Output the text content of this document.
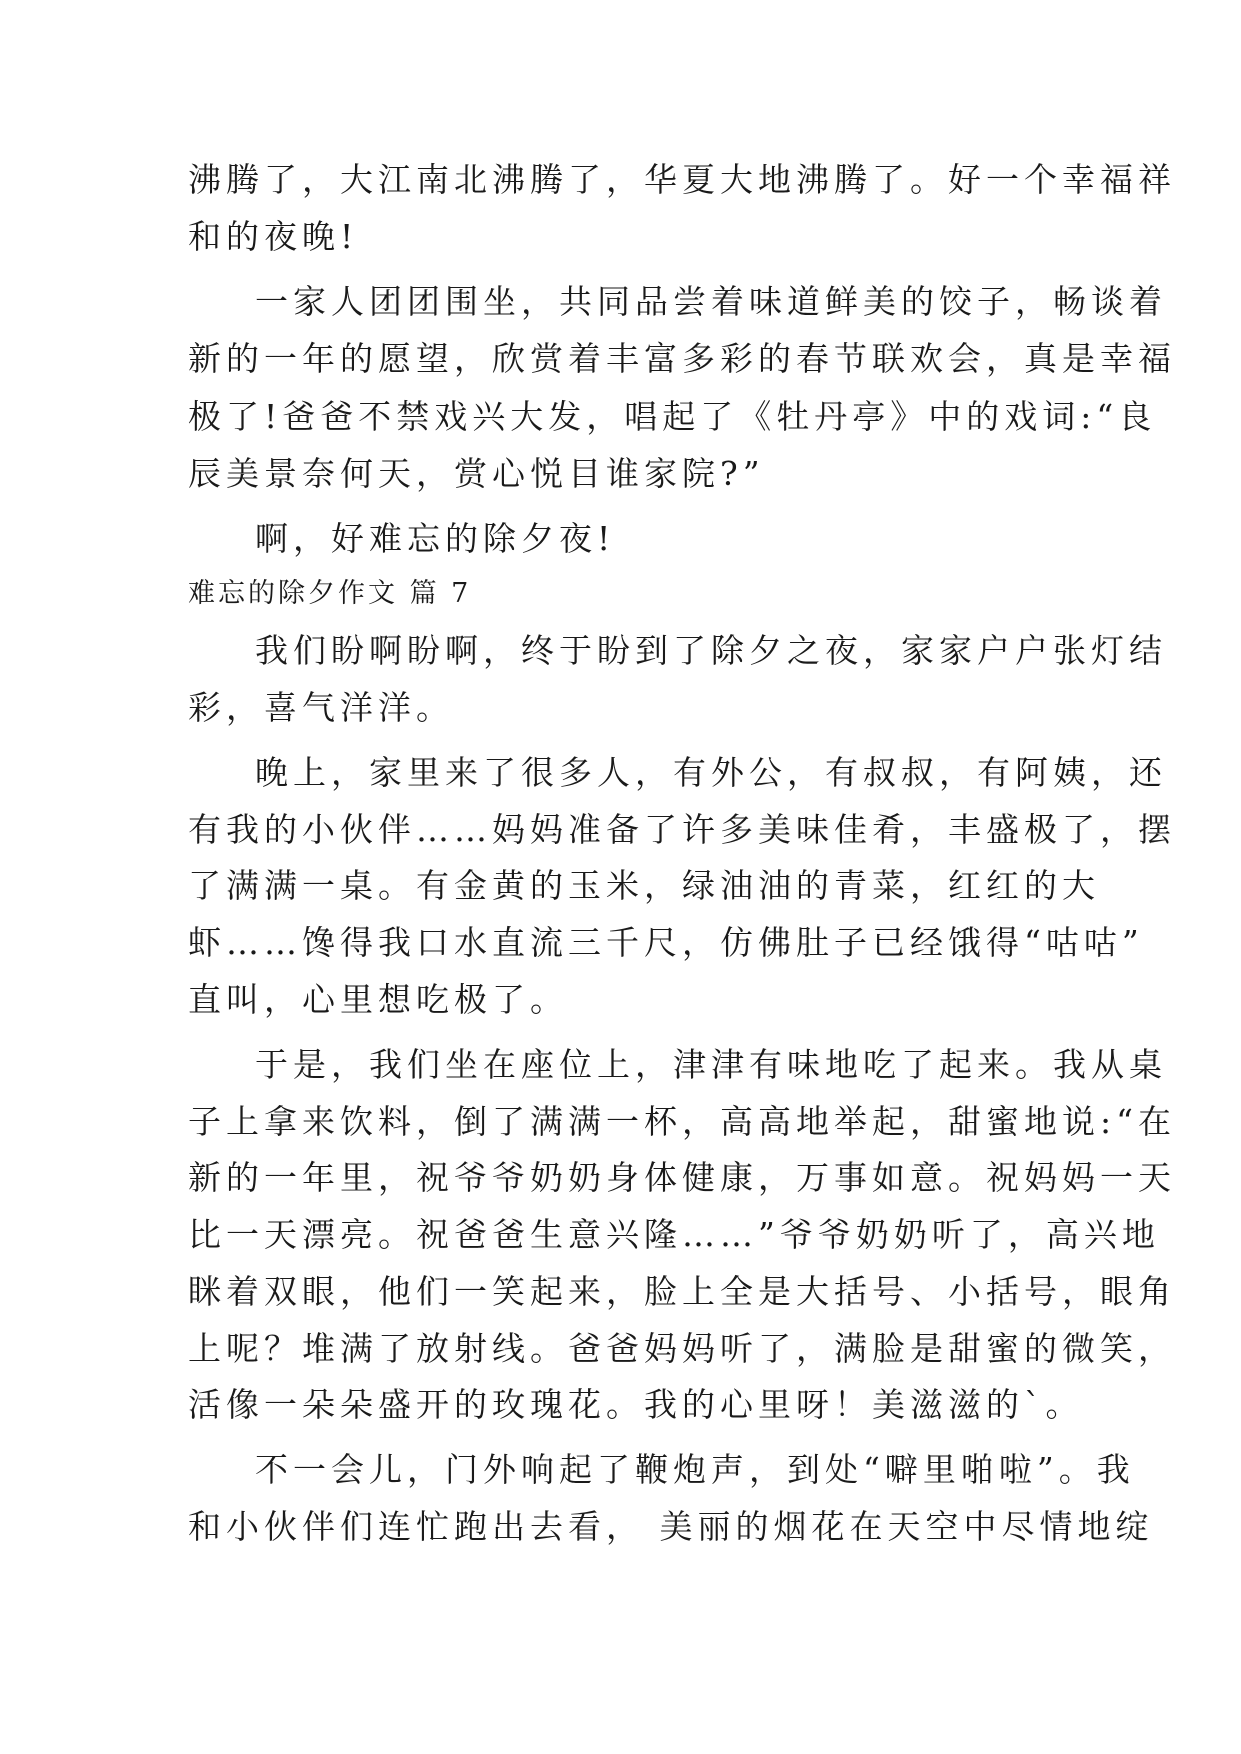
沸腾了，大江南北沸腾了，华夏大地沸腾了。好一个幸福祥
和的夜晚!
一家人团团围坐，共同品尝着味道鲜美的饺子，畅谈着
新的一年的愿望，欣赏着丰富多彩的春节联欢会，真是幸福
极了!爸爸不禁戏兴大发，唱起了《牡丹亭》中的戏词:“良
辰美景奈何天，赏心悦目谁家院?”
啊，好难忘的除夕夜!
难忘的除夕作文 篇 7
我们盼啊盼啊，终于盼到了除夕之夜，家家户户张灯结
彩，喜气洋洋。
晚上，家里来了很多人，有外公，有叔叔，有阿姨，还
有我的小伙伴……妈妈准备了许多美味佳肴，丰盛极了，摆
了满满一桌。有金黄的玉米，绿油油的青菜，红红的大
虾……馋得我口水直流三千尺，仿佛肚子已经饿得“咕咕”
直叫，心里想吃极了。
于是，我们坐在座位上，津津有味地吃了起来。我从桌
子上拿来饮料，倒了满满一杯，高高地举起，甜蜜地说:“在
新的一年里，祝爷爷奶奶身体健康，万事如意。祝妈妈一天
比一天漂亮。祝爸爸生意兴隆……”爷爷奶奶听了，高兴地
眯着双眼，他们一笑起来，脸上全是大括号、小括号，眼角
上呢？堆满了放射线。爸爸妈妈听了，满脸是甜蜜的微笑，
活像一朵朵盛开的玫瑰花。我的心里呀！美滋滋的`。
不一会儿，门外响起了鞭炮声，到处“噼里啪啦”。我
和小伙伴们连忙跑出去看， 美丽的烟花在天空中尽情地绽
